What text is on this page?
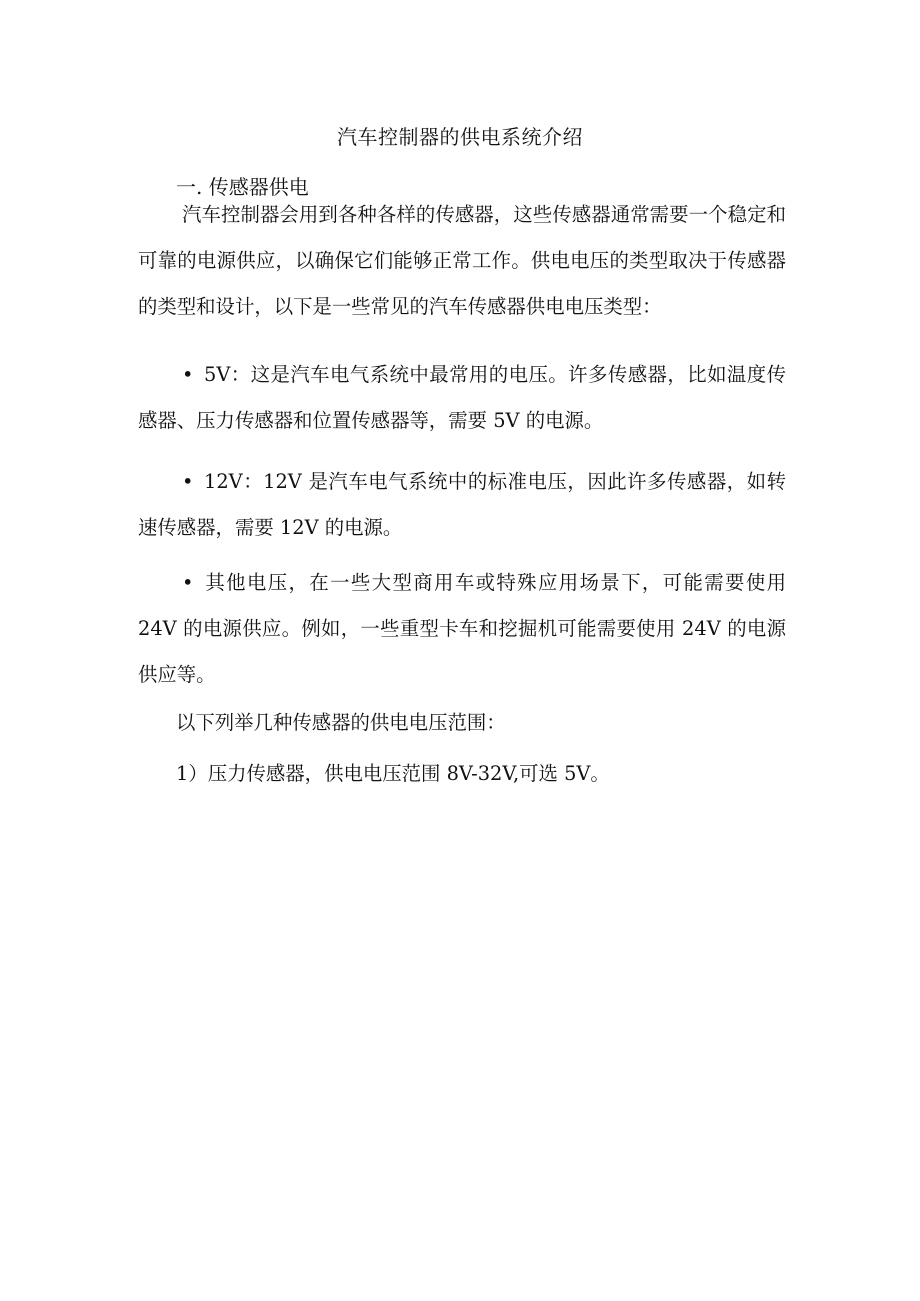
汽车控制器的供电系统介绍
一. 传感器供电

汽车控制器会用到各种各样的传感器，这些传感器通常需要一个稳定和可靠的电源供应，以确保它们能够正常工作。供电电压的类型取决于传感器的类型和设计，以下是一些常见的汽车传感器供电电压类型：

• 5V：这是汽车电气系统中最常用的电压。许多传感器，比如温度传感器、压力传感器和位置传感器等，需要 5V 的电源。

• 12V：12V 是汽车电气系统中的标准电压，因此许多传感器，如转速传感器，需要 12V 的电源。

• 其他电压，在一些大型商用车或特殊应用场景下，可能需要使用 24V 的电源供应。例如，一些重型卡车和挖掘机可能需要使用 24V 的电源供应等。

以下列举几种传感器的供电电压范围：

1）压力传感器，供电电压范围 8V-32V,可选 5V。
